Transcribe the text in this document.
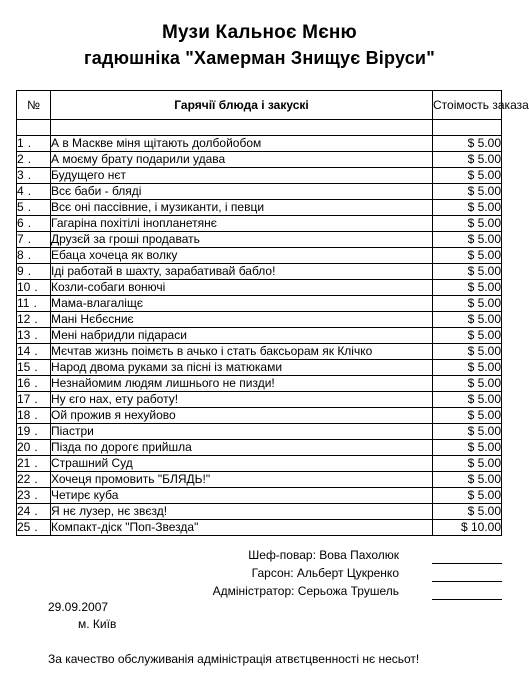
Музи Кальноє Мєню
гадюшніка "Хамерман Знищує Віруси"
№	Гарячії блюда і закускі	Стоімость заказа

1 .	А в Маскве міня щітають долбойобом	$ 5.00
2 .	А моєму брату подарили удава	$ 5.00
3 .	Будущего нєт	$ 5.00
4 .	Всє баби - бляді	$ 5.00
5 .	Всє оні пассівние, і музиканти, і певци	$ 5.00
6 .	Гагаріна похітілі інопланетянє	$ 5.00
7 .	Друзєй за гроші продавать	$ 5.00
8 .	Ебаца хочеца як волку	$ 5.00
9 .	Іді работай в шахту, зарабативай бабло!	$ 5.00
10 .	Козли-собаги вонючі	$ 5.00
11 .	Мама-влагаліщє	$ 5.00
12 .	Мані Нєбєсниє	$ 5.00
13 .	Мені набридли підараси	$ 5.00
14 .	Мєчтав жизнь поімєть в ачько і стать баксьорам як Клічко	$ 5.00
15 .	Народ двома руками за пісні із матюками	$ 5.00
16 .	Незнайомим людям лишнього не пизди!	$ 5.00
17 .	Ну єго нах, ету работу!	$ 5.00
18 .	Ой прожив я нехуйово	$ 5.00
19 .	Піастри	$ 5.00
20 .	Пізда по дорогє прийшла	$ 5.00
21 .	Страшний Суд	$ 5.00
22 .	Хочеця промовить "БЛЯДЬ!"	$ 5.00
23 .	Четирє куба	$ 5.00
24 .	Я нє лузер, нє звєзд!	$ 5.00
25 .	Компакт-діск "Поп-Звезда"	$ 10.00
Шеф-повар: Вова Пахолюк
Гарсон: Альберт Цукренко
Адміністратор: Серьожа Трушель
29.09.2007
м. Київ
За качество обслуживанія адміністрація атвєтцвенності нє несьот!
